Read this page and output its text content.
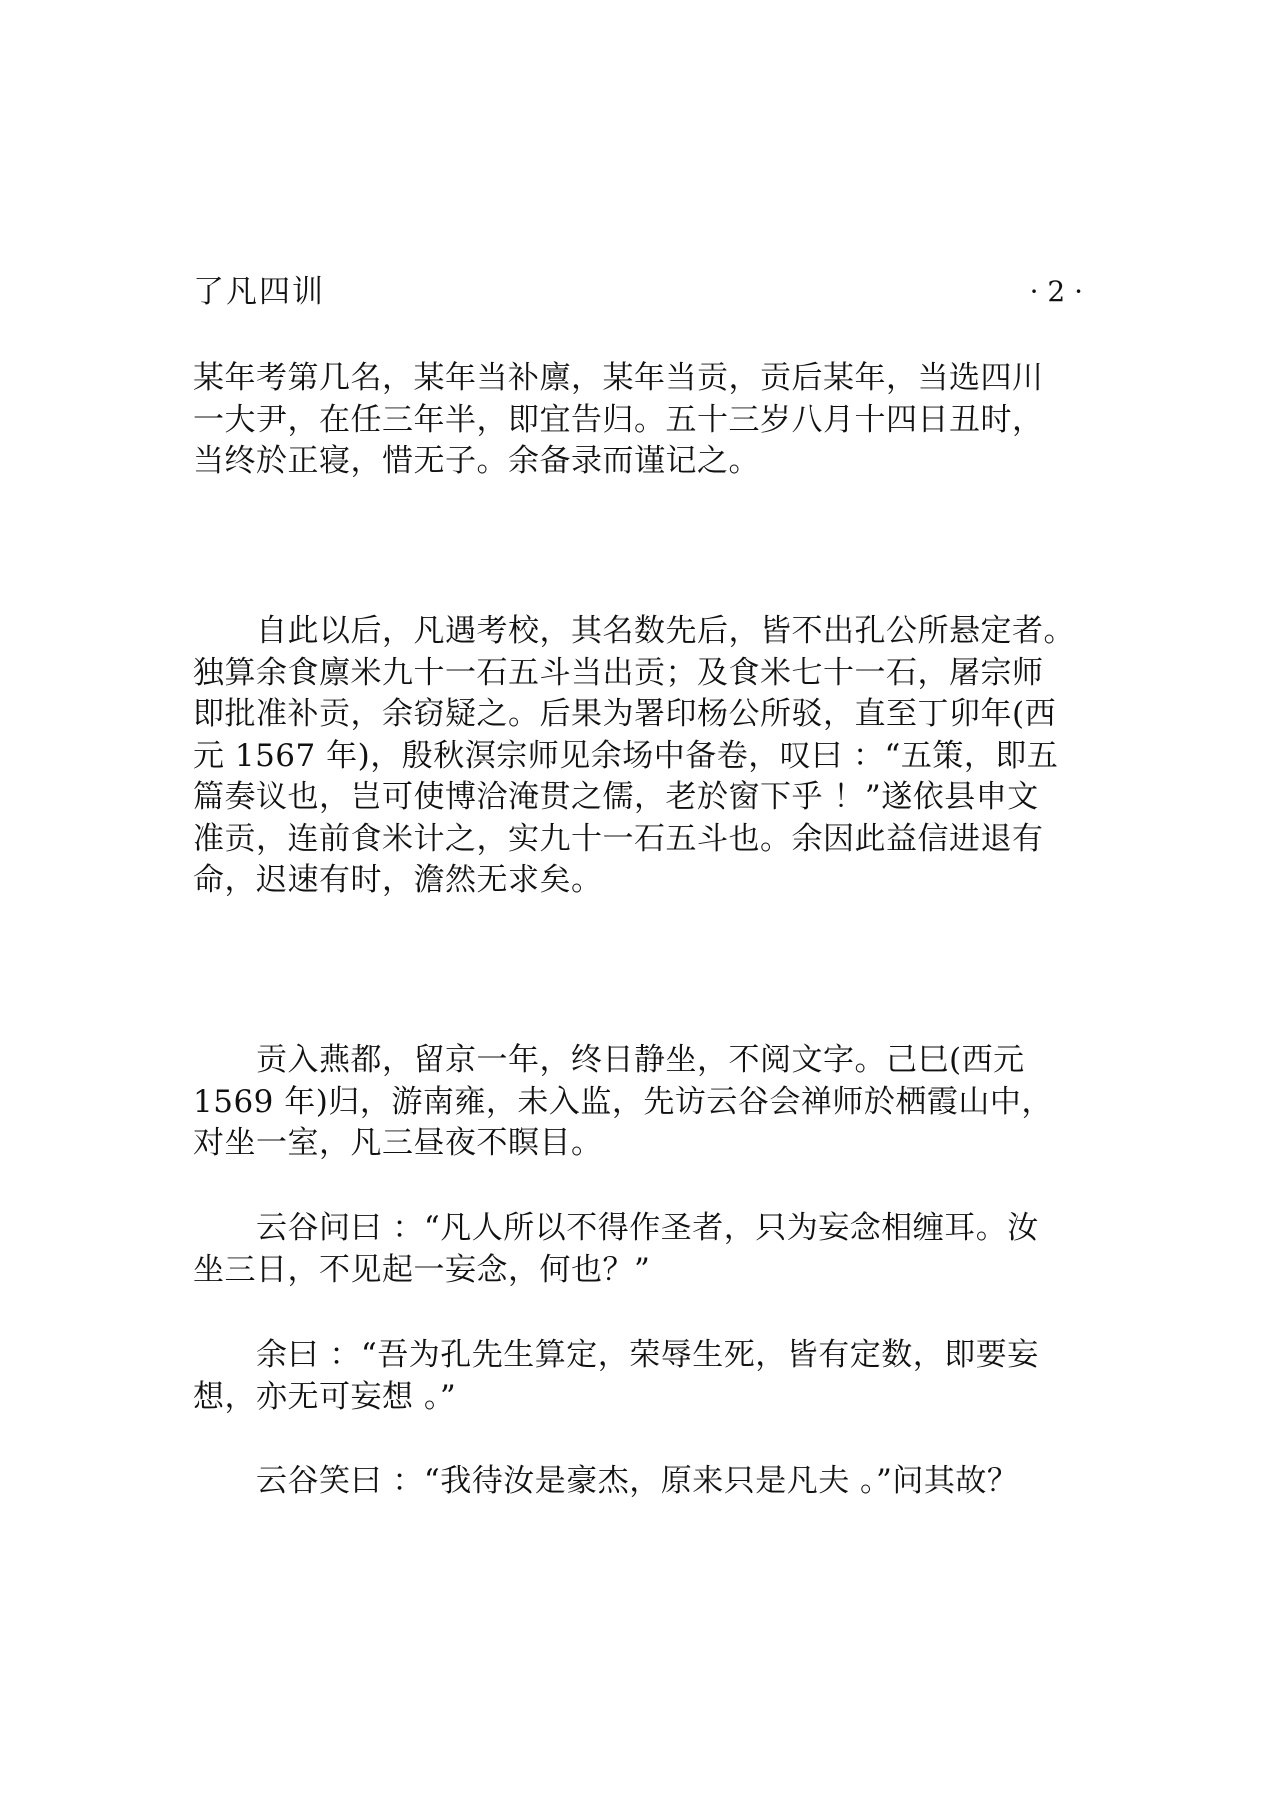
了凡四训	· 2 ·

某年考第几名，某年当补廪，某年当贡，贡后某年，当选四川
一大尹，在任三年半，即宜告归。五十三岁八月十四日丑时，
当终於正寝，惜无子。余备录而谨记之。

　　自此以后，凡遇考校，其名数先后，皆不出孔公所悬定者。
独算余食廪米九十一石五斗当出贡；及食米七十一石，屠宗师
即批准补贡，余窃疑之。后果为署印杨公所驳，直至丁卯年(西
元 1567 年)，殷秋溟宗师见余场中备卷，叹曰 ：“五策，即五
篇奏议也，岂可使博洽淹贯之儒，老於窗下乎 ！”遂依县申文
准贡，连前食米计之，实九十一石五斗也。余因此益信进退有
命，迟速有时，澹然无求矣。

　　贡入燕都，留京一年，终日静坐，不阅文字。己巳(西元
1569 年)归，游南雍，未入监，先访云谷会禅师於栖霞山中，
对坐一室，凡三昼夜不瞑目。

　　云谷问曰 ：“凡人所以不得作圣者，只为妄念相缠耳。汝
坐三日，不见起一妄念，何也？”

　　余曰 ：“吾为孔先生算定，荣辱生死，皆有定数，即要妄
想，亦无可妄想 。”

　　云谷笑曰 ：“我待汝是豪杰，原来只是凡夫 。”问其故？
